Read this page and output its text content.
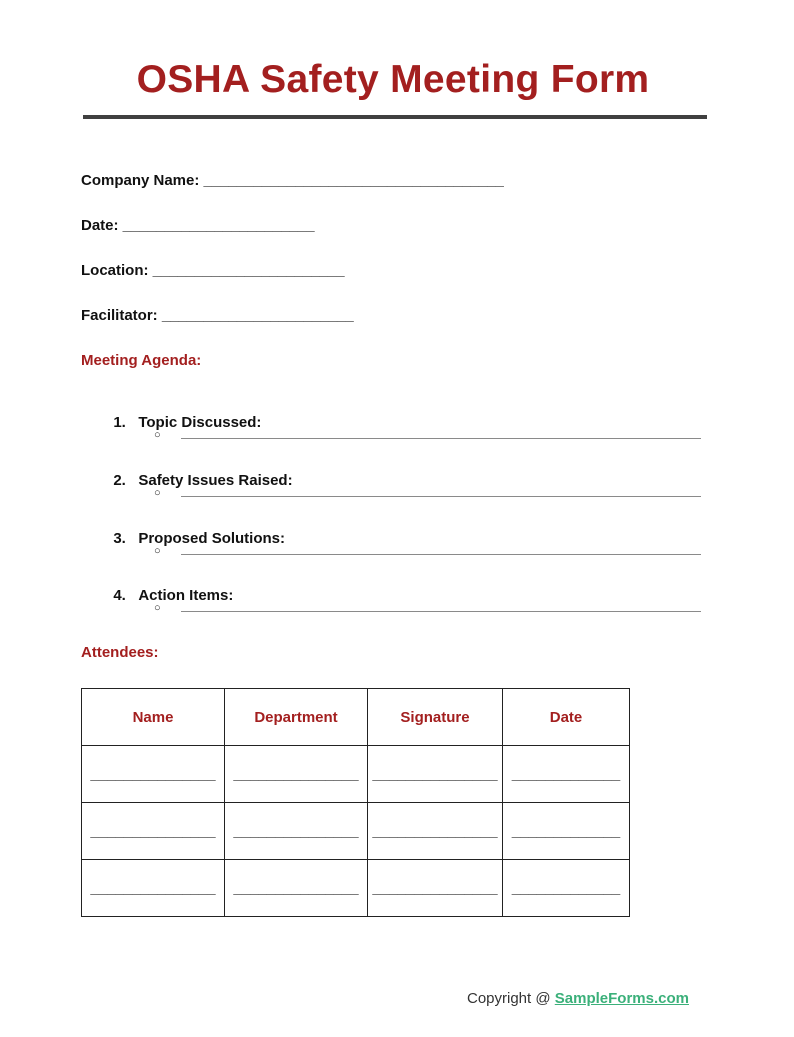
OSHA Safety Meeting Form
Company Name: ____________________________________
Date: _______________________
Location: _______________________
Facilitator: _______________________
Meeting Agenda:

1. Topic Discussed:

○

2. Safety Issues Raised:

○

3. Proposed Solutions:

○

4. Action Items:

○
Attendees:
Name	Department	Signature	Date
_______________	_______________	_______________	_____________
_______________	_______________	_______________	_____________
_______________	_______________	_______________	_____________
Copyright @ SampleForms.com
